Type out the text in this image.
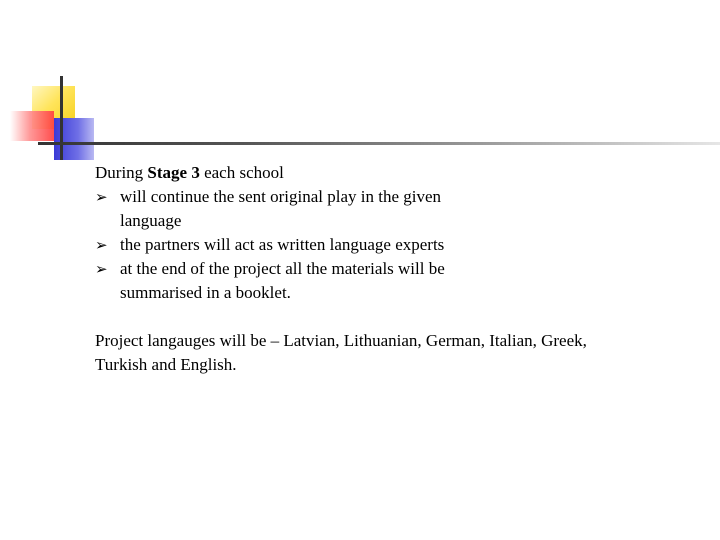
During Stage 3 each school

➢ will continue the sent original play in the given language
➢ the partners will act as written language experts
➢ at the end of the project all the materials will be summarised in a booklet.

Project langauges will be – Latvian, Lithuanian, German, Italian, Greek, Turkish and English.
